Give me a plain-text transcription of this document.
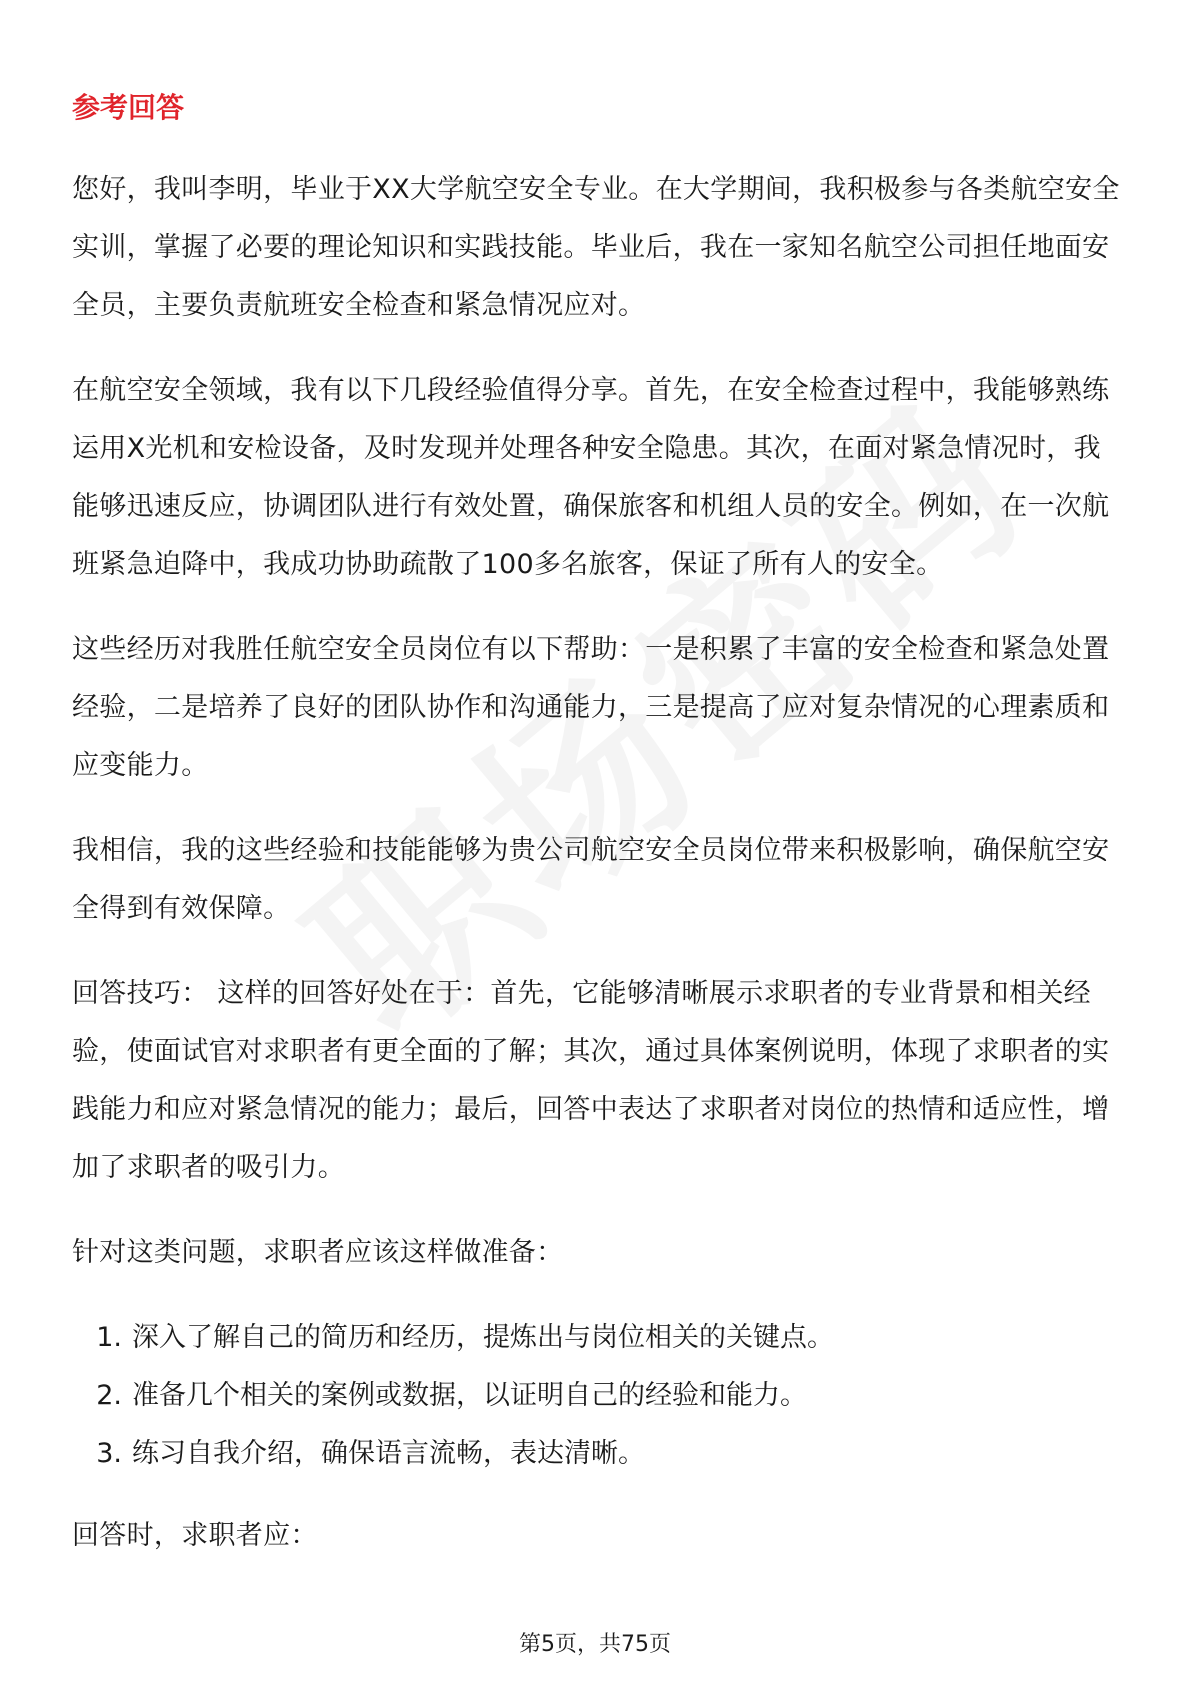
参考回答

您好，我叫李明，毕业于XX大学航空安全专业。在大学期间，我积极参与各类航空安全实训，掌握了必要的理论知识和实践技能。毕业后，我在一家知名航空公司担任地面安全员，主要负责航班安全检查和紧急情况应对。

在航空安全领域，我有以下几段经验值得分享。首先，在安全检查过程中，我能够熟练运用X光机和安检设备，及时发现并处理各种安全隐患。其次，在面对紧急情况时，我能够迅速反应，协调团队进行有效处置，确保旅客和机组人员的安全。例如，在一次航班紧急迫降中，我成功协助疏散了100多名旅客，保证了所有人的安全。

这些经历对我胜任航空安全员岗位有以下帮助：一是积累了丰富的安全检查和紧急处置经验，二是培养了良好的团队协作和沟通能力，三是提高了应对复杂情况的心理素质和应变能力。

我相信，我的这些经验和技能能够为贵公司航空安全员岗位带来积极影响，确保航空安全得到有效保障。

回答技巧： 这样的回答好处在于：首先，它能够清晰展示求职者的专业背景和相关经验，使面试官对求职者有更全面的了解；其次，通过具体案例说明，体现了求职者的实践能力和应对紧急情况的能力；最后，回答中表达了求职者对岗位的热情和适应性，增加了求职者的吸引力。

针对这类问题，求职者应该这样做准备：

1. 深入了解自己的简历和经历，提炼出与岗位相关的关键点。
2. 准备几个相关的案例或数据，以证明自己的经验和能力。
3. 练习自我介绍，确保语言流畅，表达清晰。

回答时，求职者应：

第5页，共75页
